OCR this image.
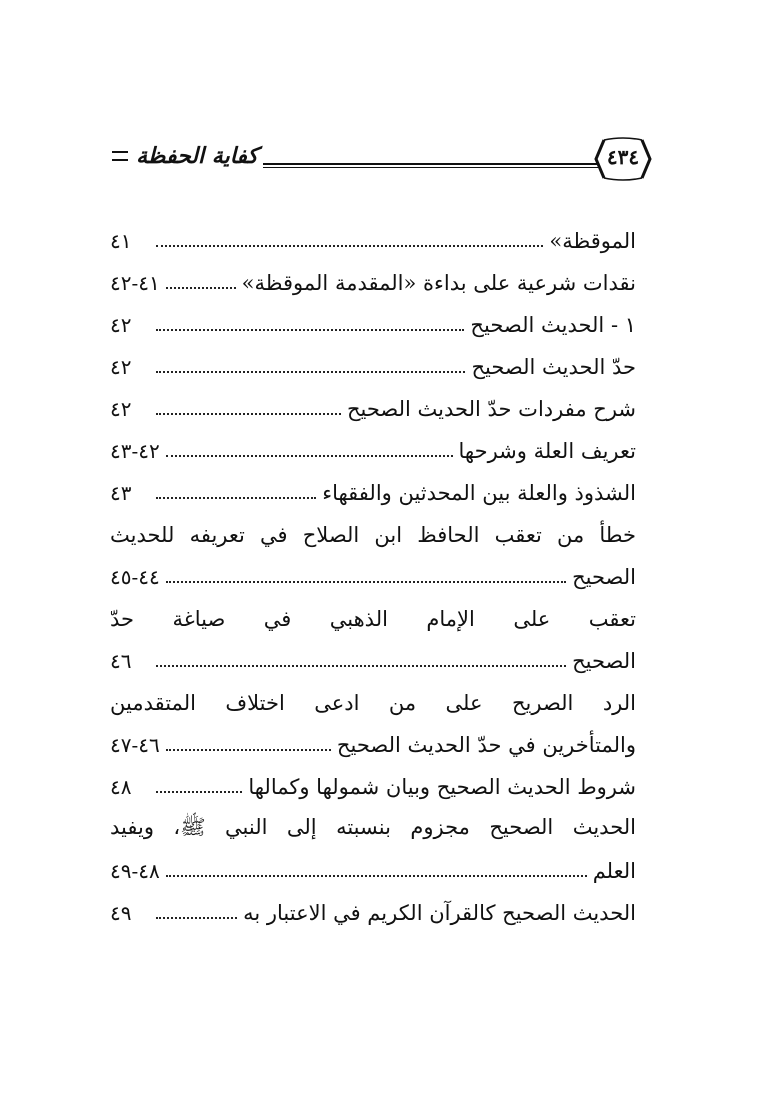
كفاية الحفظة	٤٣٤
الموقظة»
٤١
نقدات شرعية على بداءة «المقدمة الموقظة»
٤١-٤٢
١ - الحديث الصحيح
٤٢
حدّ الحديث الصحيح
٤٢
شرح مفردات حدّ الحديث الصحيح
٤٢
تعريف العلة وشرحها
٤٢-٤٣
الشذوذ والعلة بين المحدثين والفقهاء
٤٣
خطأ من تعقب الحافظ ابن الصلاح في تعريفه للحديث
الصحيح
٤٤-٤٥
تعقب على الإمام الذهبي في صياغة حدّ
الصحيح
٤٦
الرد الصريح على من ادعى اختلاف المتقدمين
والمتأخرين في حدّ الحديث الصحيح
٤٦-٤٧
شروط الحديث الصحيح وبيان شمولها وكمالها
٤٨
الحديث الصحيح مجزوم بنسبته إلى النبي ﷺ، ويفيد
العلم
٤٨-٤٩
الحديث الصحيح كالقرآن الكريم في الاعتبار به
٤٩
